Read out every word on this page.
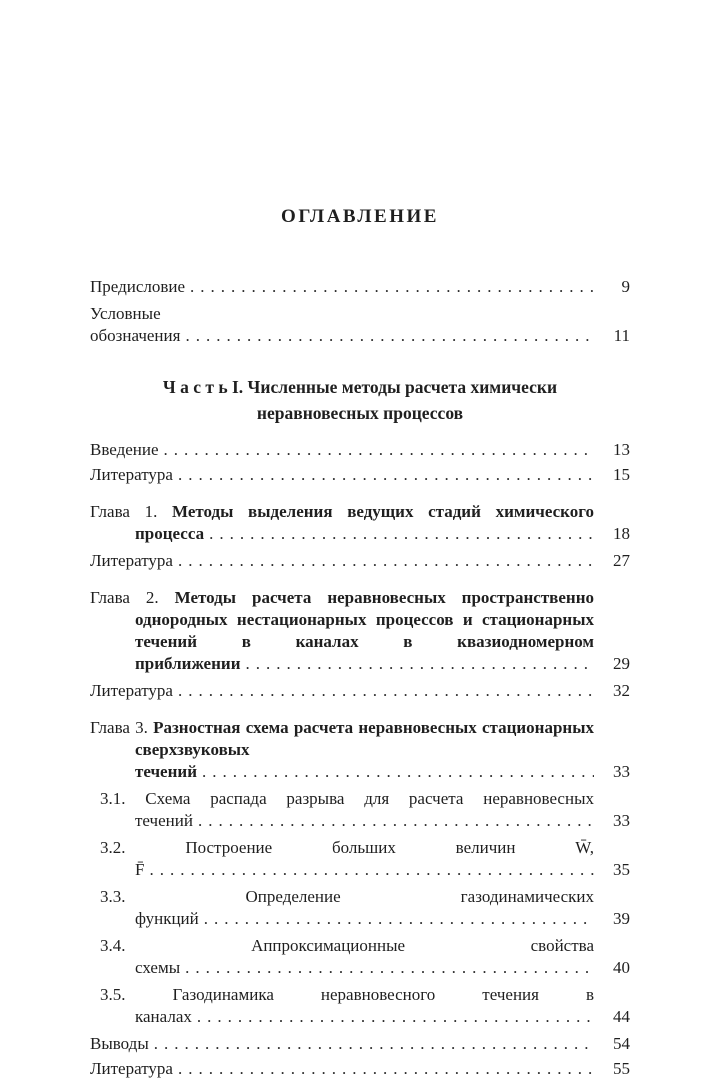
ОГЛАВЛЕНИЕ
Предисловие .....	9
Условные обозначения .....	11
Ч а с т ь I. Численные методы расчета химически
неравновесных процессов
Введение .....	13
Литература .....	15
Глава 1. Методы выделения ведущих стадий химического процесса .....	18
Литература .....	27
Глава 2. Методы расчета неравновесных пространственно однородных нестационарных процессов и стационарных течений в каналах в квазиодномерном приближении .....	29
Литература .....	32
Глава 3. Разностная схема расчета неравновесных стационарных сверхзвуковых течений .....	33
3.1. Схема распада разрыва для расчета неравновесных течений .....	33
3.2. Построение больших величин W̄, F̄ .....	35
3.3. Определение газодинамических функций .....	39
3.4. Аппроксимационные свойства схемы .....	40
3.5. Газодинамика неравновесного течения в каналах .....	44
Выводы .....	54
Литература .....	55
